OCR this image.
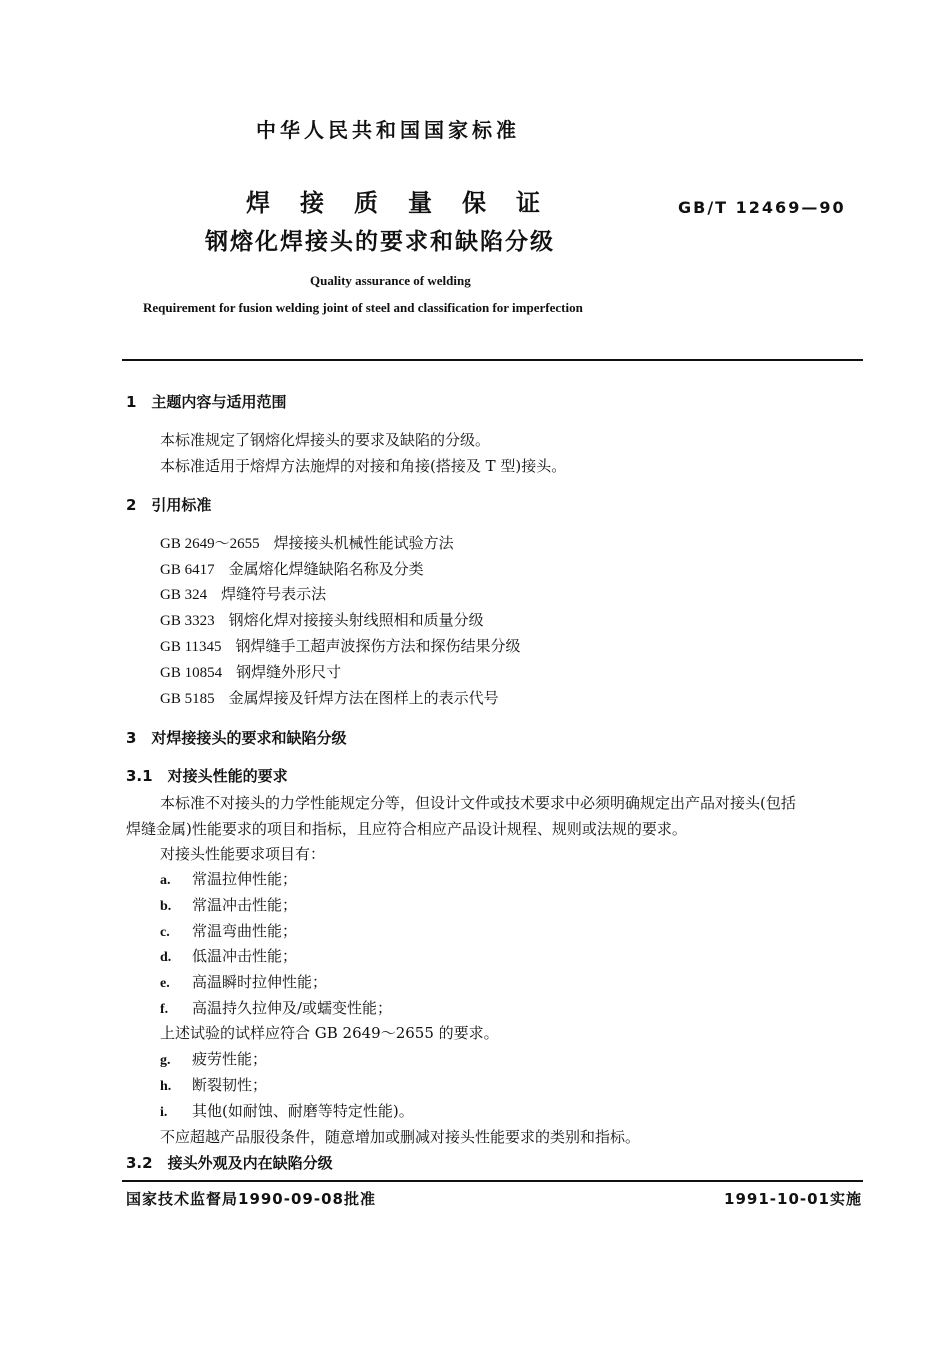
中华人民共和国国家标准
焊接质量保证
钢熔化焊接头的要求和缺陷分级
GB/T 12469—90
Quality assurance of welding
Requirement for fusion welding joint of steel and classification for imperfection
1　主题内容与适用范围
本标准规定了钢熔化焊接头的要求及缺陷的分级。
本标准适用于熔焊方法施焊的对接和角接(搭接及 T 型)接头。
2　引用标准
GB 2649～2655 焊接接头机械性能试验方法
GB 6417 金属熔化焊缝缺陷名称及分类
GB 324 焊缝符号表示法
GB 3323 钢熔化焊对接接头射线照相和质量分级
GB 11345 钢焊缝手工超声波探伤方法和探伤结果分级
GB 10854 钢焊缝外形尺寸
GB 5185 金属焊接及钎焊方法在图样上的表示代号
3　对焊接接头的要求和缺陷分级
3.1　对接头性能的要求
本标准不对接头的力学性能规定分等，但设计文件或技术要求中必须明确规定出产品对接头(包括
焊缝金属)性能要求的项目和指标，且应符合相应产品设计规程、规则或法规的要求。
对接头性能要求项目有：
a. 常温拉伸性能；
b. 常温冲击性能；
c. 常温弯曲性能；
d. 低温冲击性能；
e. 高温瞬时拉伸性能；
f. 高温持久拉伸及/或蠕变性能；
上述试验的试样应符合 GB 2649～2655 的要求。
g. 疲劳性能；
h. 断裂韧性；
i. 其他(如耐蚀、耐磨等特定性能)。
不应超越产品服役条件，随意增加或删减对接头性能要求的类别和指标。
3.2　接头外观及内在缺陷分级
国家技术监督局1990-09-08批准	1991-10-01实施
